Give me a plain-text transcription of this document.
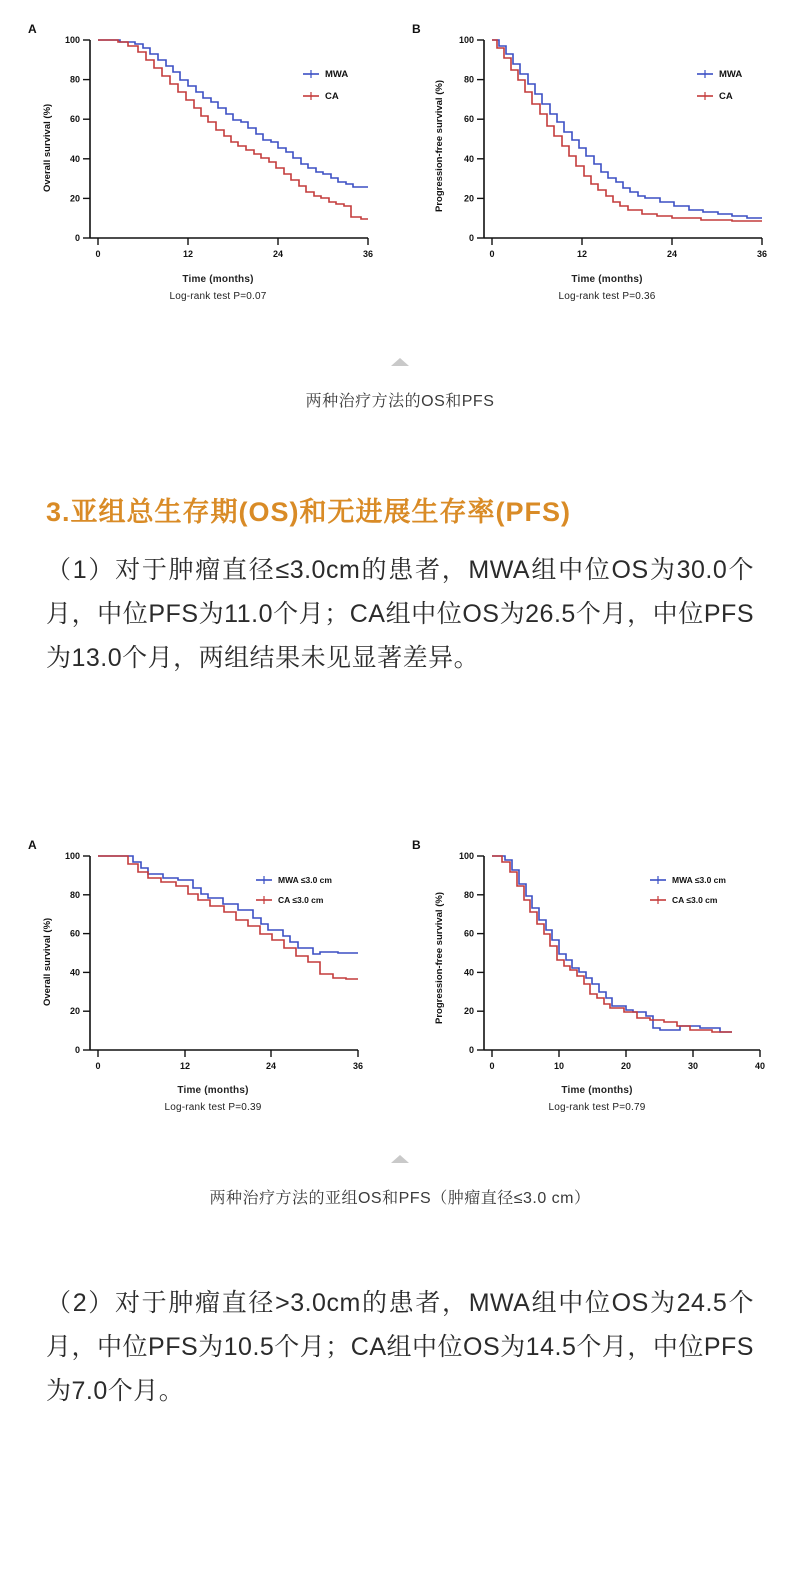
A
0
20
40
60
80
100
0	12	24	36
Overall survival (%)
MWA
CA
Time (months)
Log-rank test P=0.07
B
0
20
40
60
80
100
0	12	24	36
Progression-free survival (%)
MWA
CA
Time (months)
Log-rank test P=0.36
两种治疗方法的OS和PFS
3.亚组总生存期(OS)和无进展生存率(PFS)
（1）对于肿瘤直径≤3.0cm的患者，MWA组中位OS为30.0个月，中位PFS为11.0个月；CA组中位OS为26.5个月，中位PFS为13.0个月，两组结果未见显著差异。
A
0
20
40
60
80
100
0	12	24	36
Overall survival (%)
MWA ≤3.0 cm
CA ≤3.0 cm
Time (months)
Log-rank test P=0.39
B
0
20
40
60
80
100
0	10	20	30	40
Progression-free survival (%)
MWA ≤3.0 cm
CA ≤3.0 cm
Time (months)
Log-rank test P=0.79
两种治疗方法的亚组OS和PFS（肿瘤直径≤3.0 cm）
（2）对于肿瘤直径>3.0cm的患者，MWA组中位OS为24.5个月，中位PFS为10.5个月；CA组中位OS为14.5个月，中位PFS为7.0个月。
